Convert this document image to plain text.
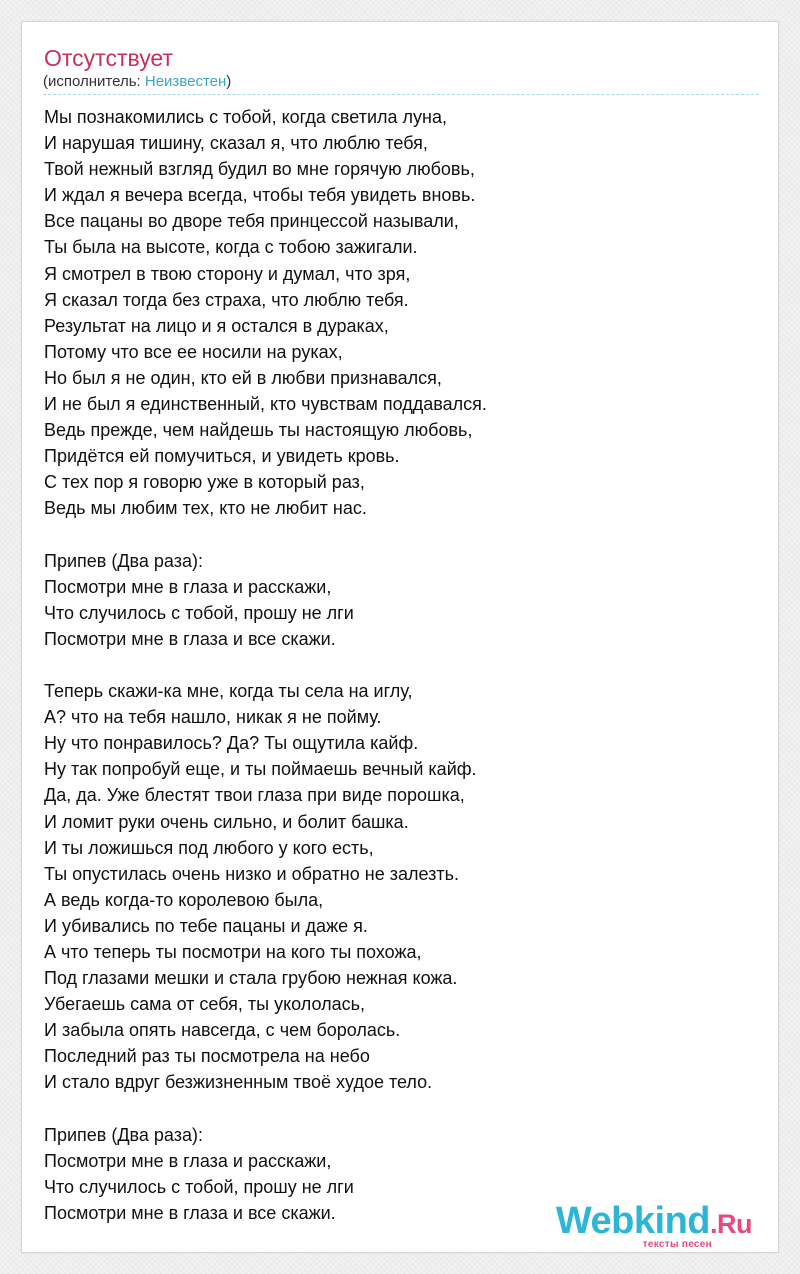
Отсутствует
(исполнитель: Неизвестен)
Мы познакомились с тобой, когда светила луна,
И нарушая тишину, сказал я, что люблю тебя,
Твой нежный взгляд будил во мне горячую любовь,
И ждал я вечера всегда, чтобы тебя увидеть вновь.
Все пацаны во дворе тебя принцессой называли,
Ты была на высоте, когда с тобою зажигали.
Я смотрел в твою сторону и думал, что зря,
Я сказал тогда без страха, что люблю тебя.
Результат на лицо и я остался в дураках,
Потому что все ее носили на руках,
Но был я не один, кто ей в любви признавался,
И не был я единственный, кто чувствам поддавался.
Ведь прежде, чем найдешь ты настоящую любовь,
Придётся ей помучиться, и увидеть кровь.
С тех пор я говорю уже в который раз,
Ведь мы любим тех, кто не любит нас.
Припев (Два раза):
Посмотри мне в глаза и расскажи,
Что случилось с тобой, прошу не лги
Посмотри мне в глаза и все скажи.
Теперь скажи-ка мне, когда ты села на иглу,
А? что на тебя нашло, никак я не пойму.
Ну что понравилось? Да? Ты ощутила кайф.
Ну так попробуй еще, и ты поймаешь вечный кайф.
Да, да. Уже блестят твои глаза при виде порошка,
И ломит руки очень сильно, и болит башка.
И ты ложишься под любого у кого есть,
Ты опустилась очень низко и обратно не залезть.
А ведь когда-то королевою была,
И убивались по тебе пацаны и даже я.
А что теперь ты посмотри на кого ты похожа,
Под глазами мешки и стала грубою нежная кожа.
Убегаешь сама от себя, ты укололась,
И забыла опять навсегда, с чем боролась.
Последний раз ты посмотрела на небо
И стало вдруг безжизненным твоё худое тело.
Припев (Два раза):
Посмотри мне в глаза и расскажи,
Что случилось с тобой, прошу не лги
Посмотри мне в глаза и все скажи.	Webkind.Ru
тексты песен
